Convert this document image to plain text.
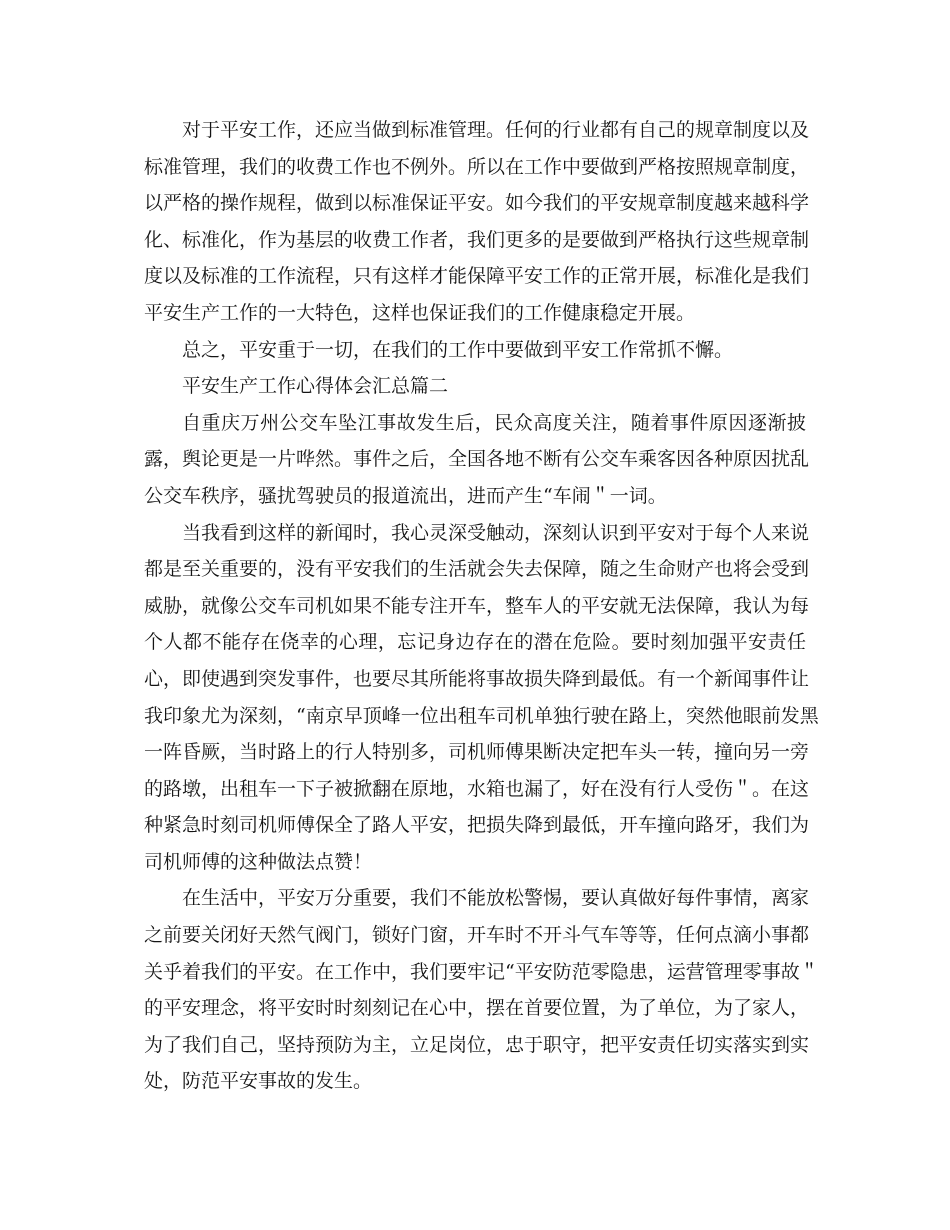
对于平安工作，还应当做到标准管理。任何的行业都有自己的规章制度以及
标准管理，我们的收费工作也不例外。所以在工作中要做到严格按照规章制度，
以严格的操作规程，做到以标准保证平安。如今我们的平安规章制度越来越科学
化、标准化，作为基层的收费工作者，我们更多的是要做到严格执行这些规章制
度以及标准的工作流程，只有这样才能保障平安工作的正常开展，标准化是我们
平安生产工作的一大特色，这样也保证我们的工作健康稳定开展。
总之，平安重于一切，在我们的工作中要做到平安工作常抓不懈。
平安生产工作心得体会汇总篇二
自重庆万州公交车坠江事故发生后，民众高度关注，随着事件原因逐渐披
露，舆论更是一片哗然。事件之后，全国各地不断有公交车乘客因各种原因扰乱
公交车秩序，骚扰驾驶员的报道流出，进而产生“车闹＂一词。
当我看到这样的新闻时，我心灵深受触动，深刻认识到平安对于每个人来说
都是至关重要的，没有平安我们的生活就会失去保障，随之生命财产也将会受到
威胁，就像公交车司机如果不能专注开车，整车人的平安就无法保障，我认为每
个人都不能存在侥幸的心理，忘记身边存在的潜在危险。要时刻加强平安责任
心，即使遇到突发事件，也要尽其所能将事故损失降到最低。有一个新闻事件让
我印象尤为深刻，“南京早顶峰一位出租车司机单独行驶在路上，突然他眼前发黑
一阵昏厥，当时路上的行人特别多，司机师傅果断决定把车头一转，撞向另一旁
的路墩，出租车一下子被掀翻在原地，水箱也漏了，好在没有行人受伤＂。在这
种紧急时刻司机师傅保全了路人平安，把损失降到最低，开车撞向路牙，我们为
司机师傅的这种做法点赞！
在生活中，平安万分重要，我们不能放松警惕，要认真做好每件事情，离家
之前要关闭好天然气阀门，锁好门窗，开车时不开斗气车等等，任何点滴小事都
关乎着我们的平安。在工作中，我们要牢记“平安防范零隐患，运营管理零事故＂
的平安理念，将平安时时刻刻记在心中，摆在首要位置，为了单位，为了家人，
为了我们自己，坚持预防为主，立足岗位，忠于职守，把平安责任切实落实到实
处，防范平安事故的发生。
